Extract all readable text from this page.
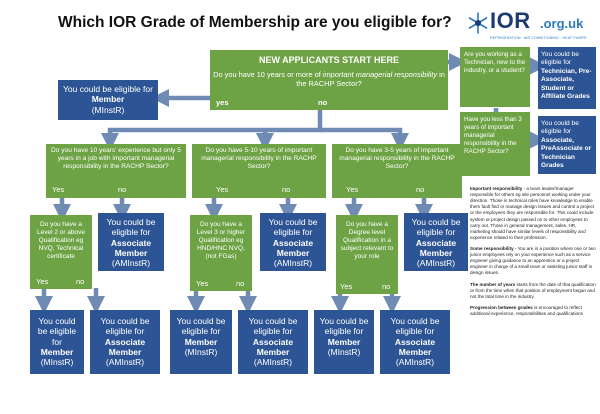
Which IOR Grade of Membership are you eligible for? IOR .org.uk
REFRIGERATION · AIR CONDITIONING · HEAT PUMPS
NEW APPLICANTS START HERE
Do you have 10 years or more of important managerial responsibility in the RACHP Sector?
yes	no
You could be eligible for
Member
(MInstR)
Are you working as a Technician, new to the industry, or a student?
You could be eligible for Technician, Pre-Associate, Student or Affiliate Grades
Have you less than 3 years of important managerial responsibility in the RACHP Sector?
You could be eligible for Associate, PreAssociate or Technician Grades
Do you have 10 years' experience but only 5 years in a job with important managerial responsibility in the RACHP Sector?
Yes	no
Do you have 5-10 years of important managerial responsibility in the RACHP Sector?
Yes	no
Do you have 3-5 years of important managerial responsibility in the RACHP Sector?
Yes	no
Do you have a Level 2 or above Qualification eg NVQ, Technical certificate
Yes	no
You could be eligible for
Associate Member
(AMInstR)
Do you have a Level 3 or higher Qualification eg HND/HNC NVQ, (not FGas)
Yes	no
You could be eligible for
Associate Member
(AMInstR)
Do you have a Degree level Qualification in a subject relevant to your role
Yes	no
You could be eligible for
Associate Member
(AMInstR)
You could be eligible for
Member
(MInstR)
You could be eligible for
Associate Member
(AMInstR)
You could be eligible for
Member
(MInstR)
You could be eligible for
Associate Member
(AMInstR)
You could be eligible for
Member
(MInstR)
You could be eligible for
Associate Member
(AMInstR)

Important responsibility - a team leader/manager responsible for others eg site personnel working under your direction. Those in technical roles have knowledge to enable them fault find or manage design issues and control a project or the employees they are responsible for. This could include system or project design passed on to other employees to carry out. Those in general management, sales, HR, marketing should have similar levels of responsibility and experience related to their profession.

Some responsibility - You are in a position where one or two junior employees rely on your experience such as a service engineer giving guidance to an apprentice or a project engineer in charge of a small team or assisting junior staff in design issues.

The number of years starts from the date of that qualification or from the time when that position of employment began and not the total time in the industry.

Progression between grades is encouraged to reflect additional experience, responsibilities and qualifications
